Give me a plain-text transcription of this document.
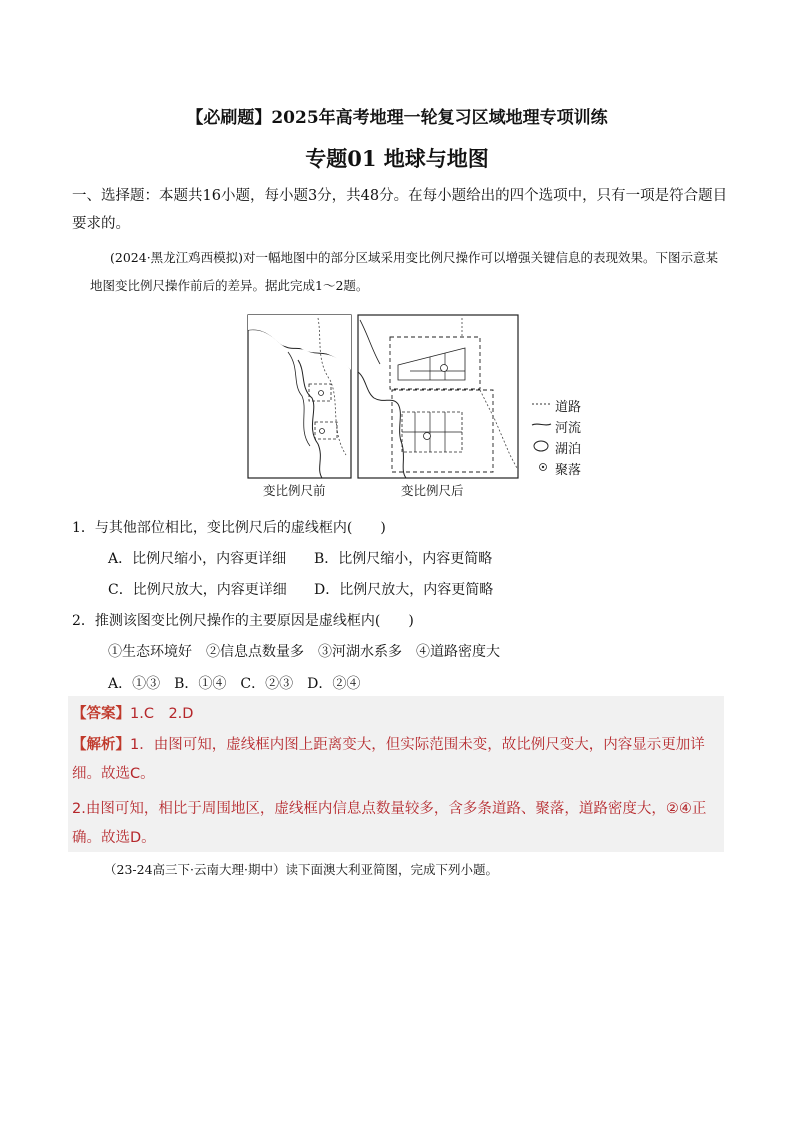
【必刷题】2025年高考地理一轮复习区域地理专项训练
专题01 地球与地图
一、选择题：本题共16小题，每小题3分，共48分。在每小题给出的四个选项中，只有一项是符合题目要求的。
(2024·黑龙江鸡西模拟)对一幅地图中的部分区域采用变比例尺操作可以增强关键信息的表现效果。下图示意某地图变比例尺操作前后的差异。据此完成1～2题。
道路
河流
湖泊
聚落
变比例尺前	变比例尺后
1．与其他部位相比，变比例尺后的虚线框内(　　)
A．比例尺缩小，内容更详细 B．比例尺缩小，内容更简略
C．比例尺放大，内容更详细 D．比例尺放大，内容更简略
2．推测该图变比例尺操作的主要原因是虚线框内(　　)
①生态环境好　②信息点数量多　③河湖水系多　④道路密度大
A．①③　B．①④　C．②③　D．②④
【答案】1.C　2.D
【解析】1．由图可知，虚线框内图上距离变大，但实际范围未变，故比例尺变大，内容显示更加详细。故选C。
2.由图可知，相比于周围地区，虚线框内信息点数量较多，含多条道路、聚落，道路密度大，②④正确。故选D。
（23-24高三下·云南大理·期中）读下面澳大利亚简图，完成下列小题。
